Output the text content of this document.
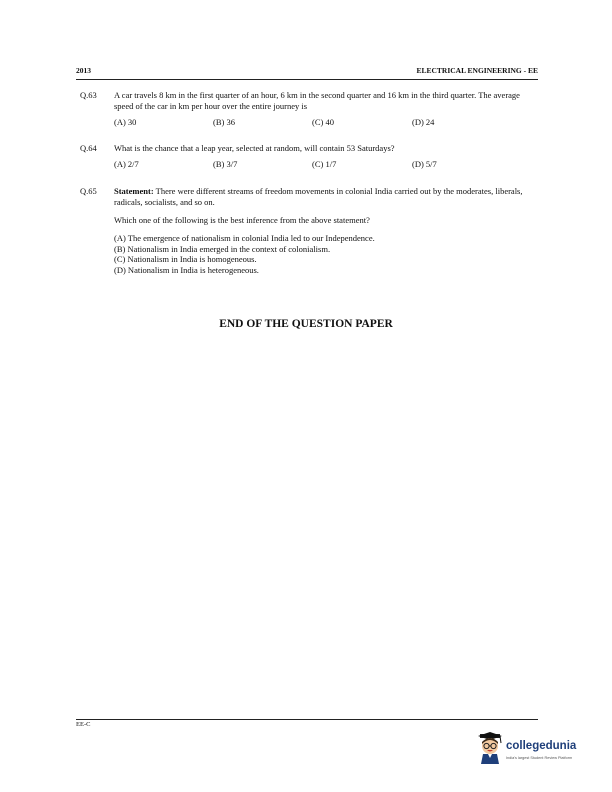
2013	ELECTRICAL ENGINEERING - EE
Q.63 A car travels 8 km in the first quarter of an hour, 6 km in the second quarter and 16 km in the third quarter. The average speed of the car in km per hour over the entire journey is

(A) 30	(B) 36	(C) 40	(D) 24
Q.64 What is the chance that a leap year, selected at random, will contain 53 Saturdays?

(A) 2/7	(B) 3/7	(C) 1/7	(D) 5/7
Q.65 Statement: There were different streams of freedom movements in colonial India carried out by the moderates, liberals, radicals, socialists, and so on.

Which one of the following is the best inference from the above statement?

(A) The emergence of nationalism in colonial India led to our Independence.
(B) Nationalism in India emerged in the context of colonialism.
(C) Nationalism in India is homogeneous.
(D) Nationalism in India is heterogeneous.
END OF THE QUESTION PAPER
EE-C
collegedunia
India's largest Student Review Platform
